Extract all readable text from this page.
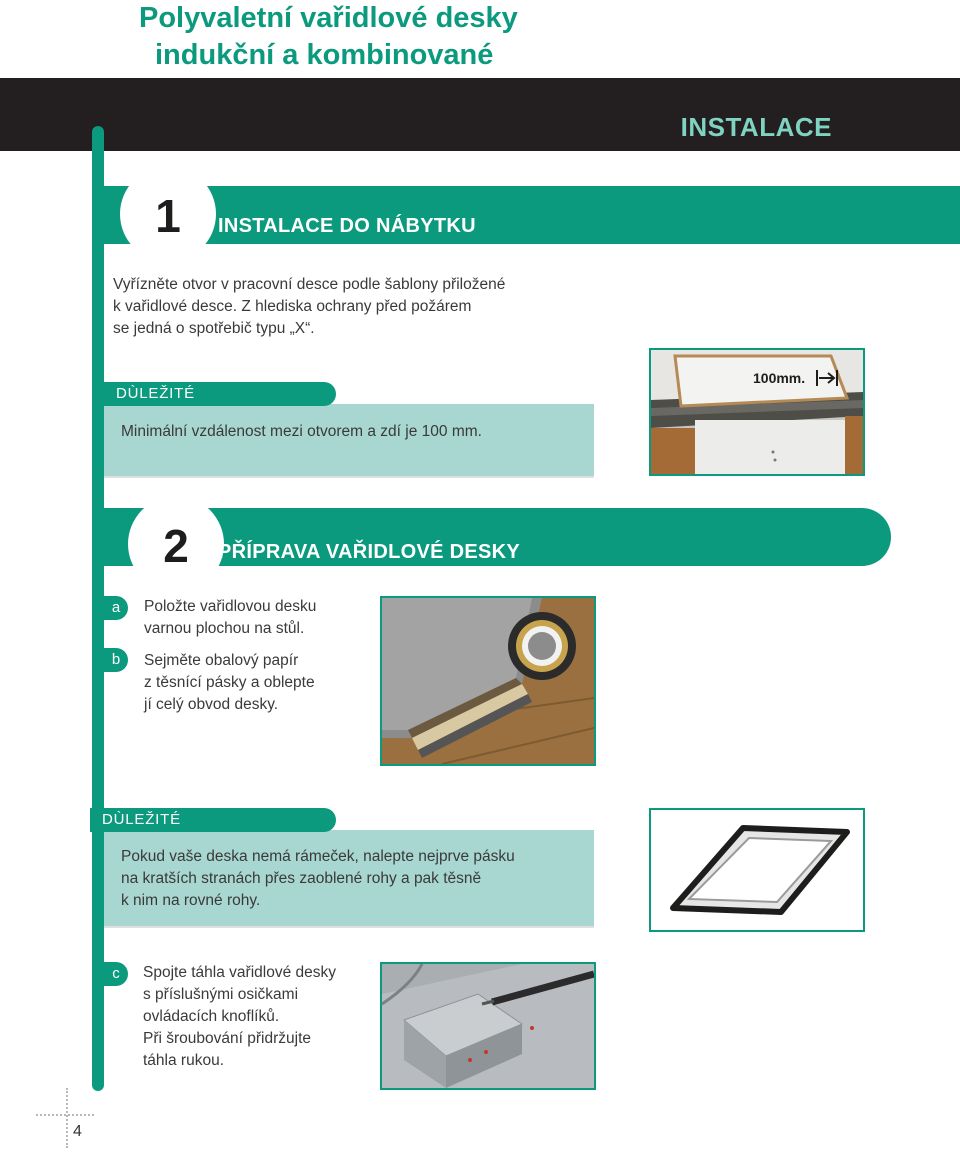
Polyvaletní vařidlové desky
indukční a kombinované
INSTALACE
1	INSTALACE DO NÁBYTKU
Vyřízněte otvor v pracovní desce podle šablony přiložené
k vařidlové desce. Z hlediska ochrany před požárem
se jedná o spotřebič typu „X“.
DÙLEŽITÉ
Minimální vzdálenost mezi otvorem a zdí je 100 mm.
100mm.
2	PŘÍPRAVA VAŘIDLOVÉ DESKY
a	Položte vařidlovou desku
varnou plochou na stůl.
b	Sejměte obalový papír
z těsnící pásky a oblepte
jí celý obvod desky.
DÙLEŽITÉ
Pokud vaše deska nemá rámeček, nalepte nejprve pásku
na kratších stranách přes zaoblené rohy a pak těsně
k nim na rovné rohy.
c	Spojte táhla vařidlové desky
s příslušnými osičkami
ovládacích knoflíků.
Při šroubování přidržujte
táhla rukou.
4
